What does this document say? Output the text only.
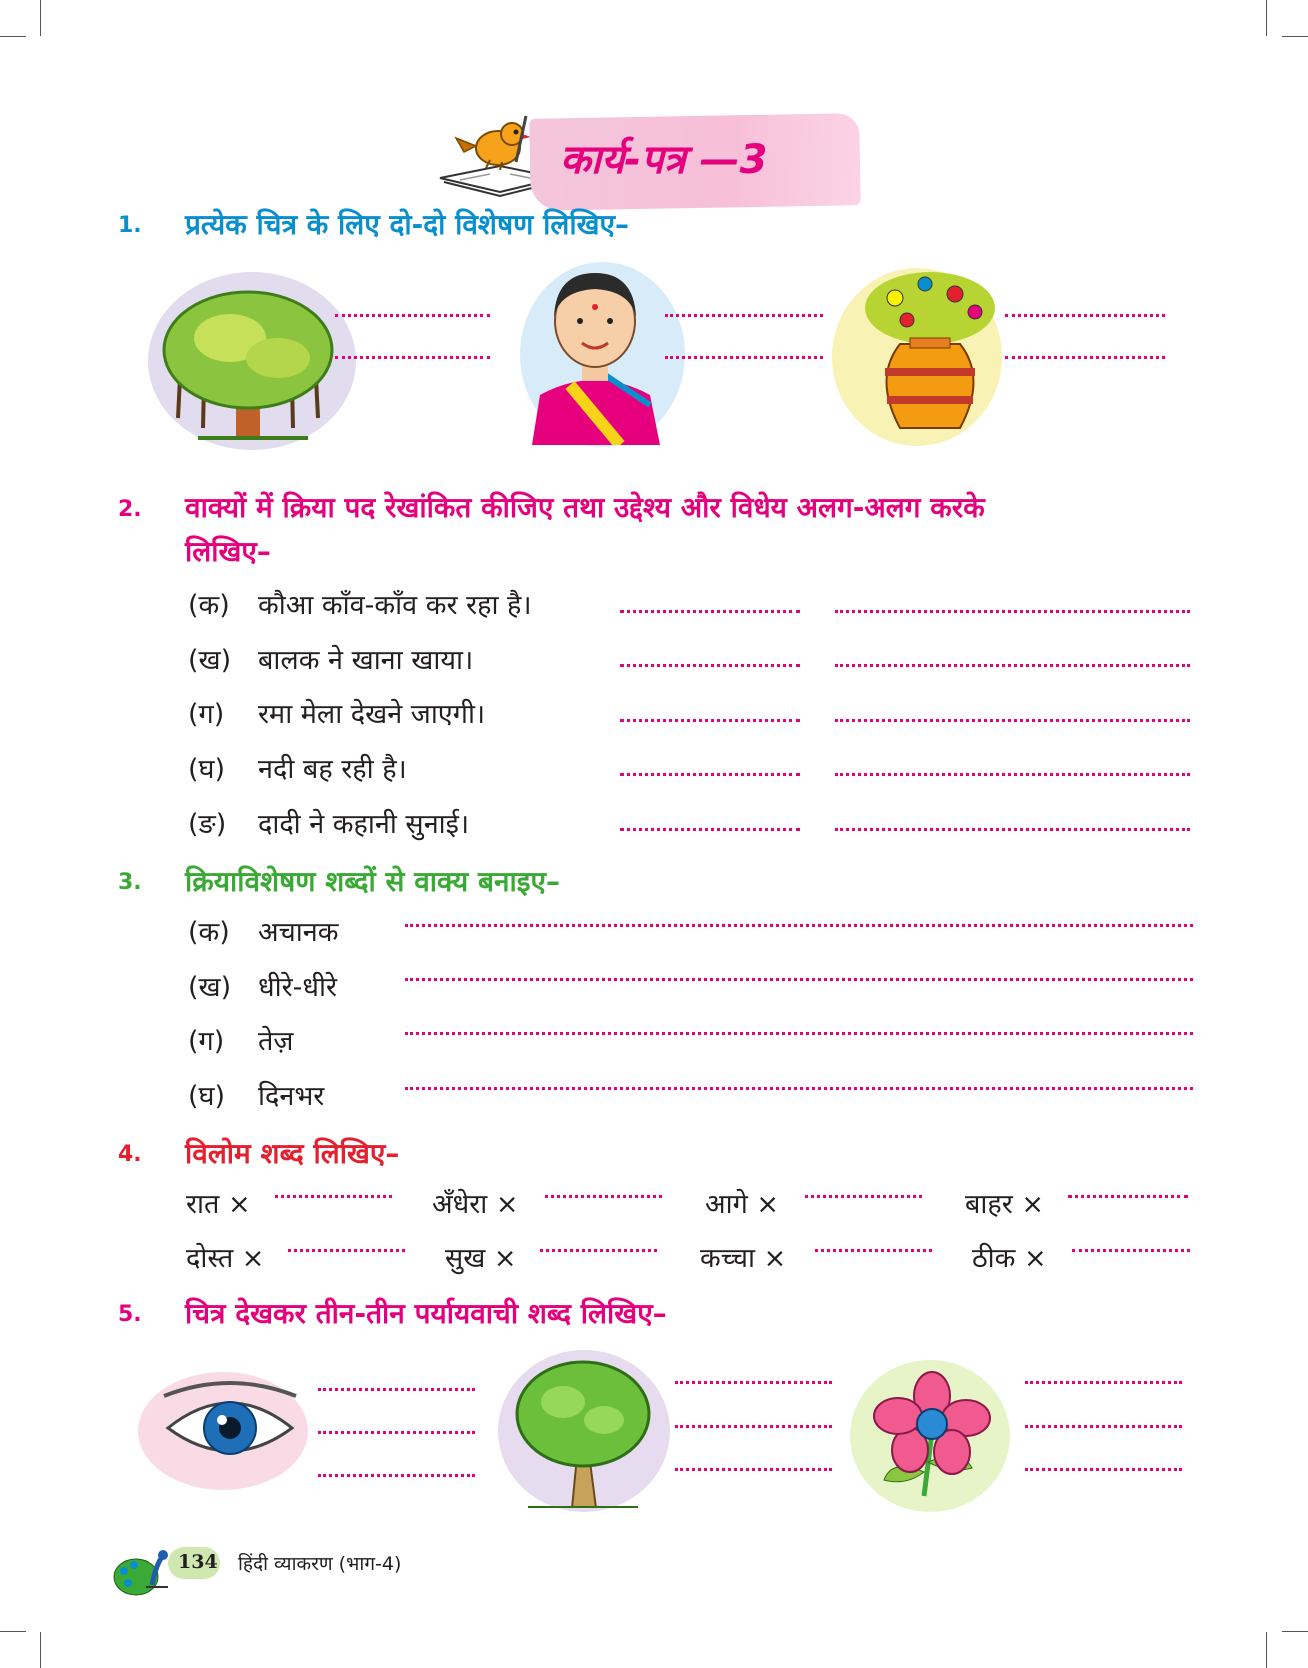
कार्य-पत्र —3
1. प्रत्येक चित्र के लिए दो-दो विशेषण लिखिए–
2. वाक्यों में क्रिया पद रेखांकित कीजिए तथा उद्देश्य और विधेय अलग-अलग करके
लिखिए–
(क) कौआ काँव-काँव कर रहा है।
(ख) बालक ने खाना खाया।
(ग) रमा मेला देखने जाएगी।
(घ) नदी बह रही है।
(ङ) दादी ने कहानी सुनाई।
3. क्रियाविशेषण शब्दों से वाक्य बनाइए–
(क) अचानक
(ख) धीरे-धीरे
(ग) तेज़
(घ) दिनभर
4. विलोम शब्द लिखिए–
रात ×	अँधेरा ×	आगे ×	बाहर ×
दोस्त ×	सुख ×	कच्चा ×	ठीक ×
5. चित्र देखकर तीन-तीन पर्यायवाची शब्द लिखिए–
134 हिंदी व्याकरण (भाग-4)
